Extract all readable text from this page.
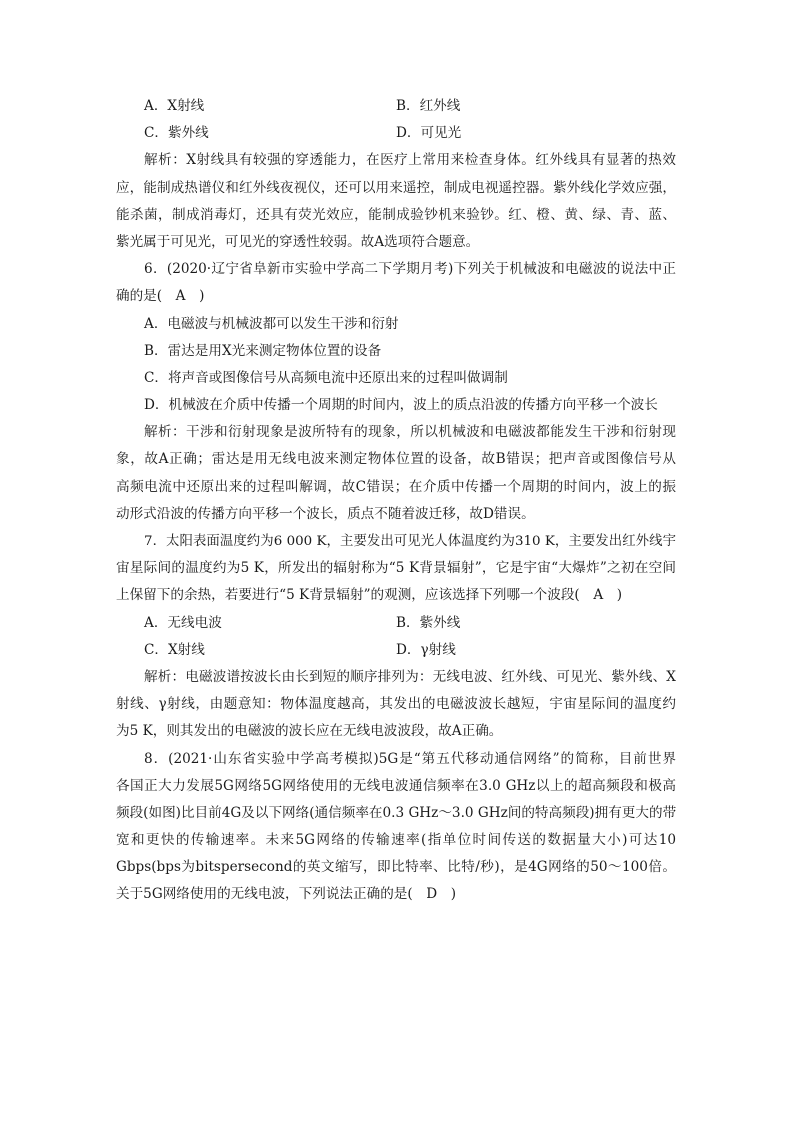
A．X射线	B．红外线
C．紫外线	D．可见光
解析：X射线具有较强的穿透能力，在医疗上常用来检查身体。红外线具有显著的热效
应，能制成热谱仪和红外线夜视仪，还可以用来遥控，制成电视遥控器。紫外线化学效应强，
能杀菌，制成消毒灯，还具有荧光效应，能制成验钞机来验钞。红、橙、黄、绿、青、蓝、
紫光属于可见光，可见光的穿透性较弱。故A选项符合题意。
6．(2020·辽宁省阜新市实验中学高二下学期月考)下列关于机械波和电磁波的说法中正
确的是(　A　)
A．电磁波与机械波都可以发生干涉和衍射
B．雷达是用X光来测定物体位置的设备
C．将声音或图像信号从高频电流中还原出来的过程叫做调制
D．机械波在介质中传播一个周期的时间内，波上的质点沿波的传播方向平移一个波长
解析：干涉和衍射现象是波所特有的现象，所以机械波和电磁波都能发生干涉和衍射现
象，故A正确；雷达是用无线电波来测定物体位置的设备，故B错误；把声音或图像信号从
高频电流中还原出来的过程叫解调，故C错误；在介质中传播一个周期的时间内，波上的振
动形式沿波的传播方向平移一个波长，质点不随着波迁移，故D错误。
7．太阳表面温度约为6 000 K，主要发出可见光人体温度约为310 K，主要发出红外线宇
宙星际间的温度约为5 K，所发出的辐射称为“5 K背景辐射”，它是宇宙“大爆炸”之初在空间
上保留下的余热，若要进行“5 K背景辐射”的观测，应该选择下列哪一个波段(　A　)
A．无线电波	B．紫外线
C．X射线	D．γ射线
解析：电磁波谱按波长由长到短的顺序排列为：无线电波、红外线、可见光、紫外线、X
射线、γ射线，由题意知：物体温度越高，其发出的电磁波波长越短，宇宙星际间的温度约
为5 K，则其发出的电磁波的波长应在无线电波波段，故A正确。
8．(2021·山东省实验中学高考模拟)5G是“第五代移动通信网络”的简称，目前世界
各国正大力发展5G网络5G网络使用的无线电波通信频率在3.0 GHz以上的超高频段和极高
频段(如图)比目前4G及以下网络(通信频率在0.3 GHz～3.0 GHz间的特高频段)拥有更大的带
宽和更快的传输速率。未来5G网络的传输速率(指单位时间传送的数据量大小)可达10
Gbps(bps为bitspersecond的英文缩写，即比特率、比特/秒)，是4G网络的50～100倍。
关于5G网络使用的无线电波，下列说法正确的是(　D　)
